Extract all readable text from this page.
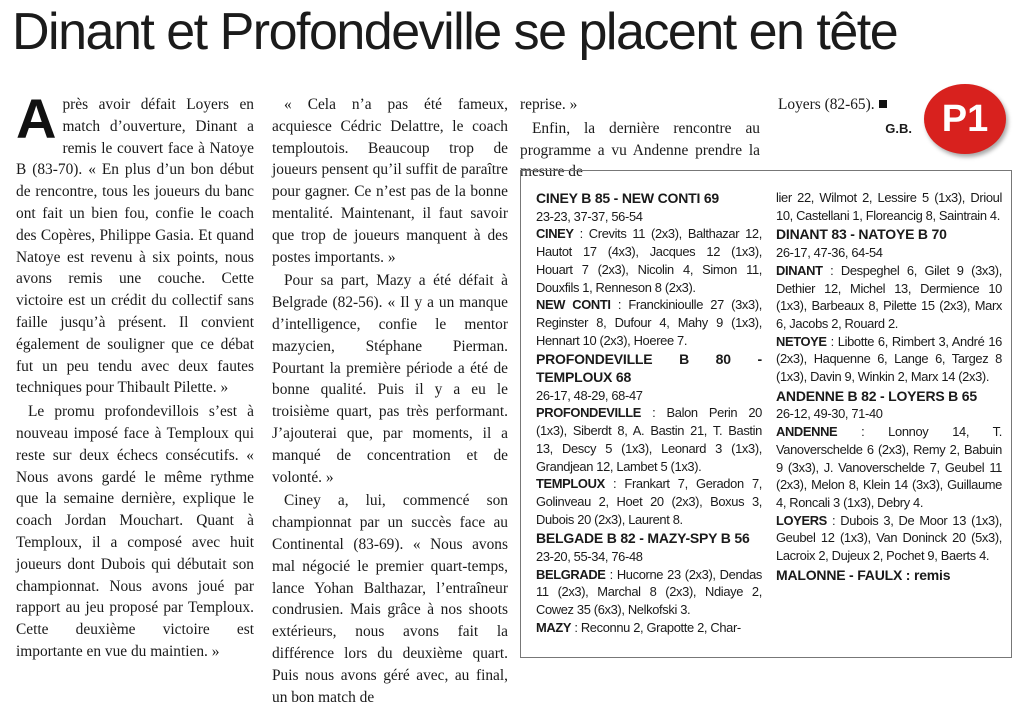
Dinant et Profondeville se placent en tête

Après avoir défait Loyers en match d’ouverture, Dinant a remis le couvert face à Natoye B (83-70). « En plus d’un bon début de rencontre, tous les joueurs du banc ont fait un bien fou, confie le coach des Copères, Philippe Gasia. Et quand Natoye est revenu à six points, nous avons remis une couche. Cette victoire est un crédit du collectif sans faille jusqu’à présent. Il convient également de souligner que ce débat fut un peu tendu avec deux fautes techniques pour Thibault Pilette. »

Le promu profondevillois s’est à nouveau imposé face à Temploux qui reste sur deux échecs consécutifs. « Nous avons gardé le même rythme que la semaine dernière, explique le coach Jordan Mouchart. Quant à Temploux, il a composé avec huit joueurs dont Dubois qui débutait son championnat. Nous avons joué par rapport au jeu proposé par Temploux. Cette deuxième victoire est importante en vue du maintien. »

« Cela n’a pas été fameux, acquiesce Cédric Delattre, le coach temploutois. Beaucoup trop de joueurs pensent qu’il suffit de paraître pour gagner. Ce n’est pas de la bonne mentalité. Maintenant, il faut savoir que trop de joueurs manquent à des postes importants. »

Pour sa part, Mazy a été défait à Belgrade (82-56). « Il y a un manque d’intelligence, confie le mentor mazycien, Stéphane Pierman. Pourtant la première période a été de bonne qualité. Puis il y a eu le troisième quart, pas très performant. J’ajouterai que, par moments, il a manqué de concentration et de volonté. »

Ciney a, lui, commencé son championnat par un succès face au Continental (83-69). « Nous avons mal négocié le premier quart-temps, lance Yohan Balthazar, l’entraîneur condrusien. Mais grâce à nos shoots extérieurs, nous avons fait la différence lors du deuxième quart. Puis nous avons géré avec, au final, un bon match de

reprise. »

Enfin, la dernière rencontre au programme a vu Andenne prendre la mesure de

Loyers (82-65).

G.B. P1
CINEY B 85 - NEW CONTI 69
23-23, 37-37, 56-54
CINEY : Crevits 11 (2x3), Balthazar 12, Hautot 17 (4x3), Jacques 12 (1x3), Houart 7 (2x3), Nicolin 4, Simon 11, Douxfils 1, Renneson 8 (2x3).
NEW CONTI : Franckinioulle 27 (3x3), Reginster 8, Dufour 4, Mahy 9 (1x3), Hennart 10 (2x3), Hoeree 7.
PROFONDEVILLE B 80 - TEMPLOUX 68
26-17, 48-29, 68-47
PROFONDEVILLE : Balon Perin 20 (1x3), Siberdt 8, A. Bastin 21, T. Bastin 13, Descy 5 (1x3), Leonard 3 (1x3), Grandjean 12, Lambet 5 (1x3).
TEMPLOUX : Frankart 7, Geradon 7, Golinveau 2, Hoet 20 (2x3), Boxus 3, Dubois 20 (2x3), Laurent 8.
BELGADE B 82 - MAZY-SPY B 56
23-20, 55-34, 76-48
BELGRADE : Hucorne 23 (2x3), Dendas 11 (2x3), Marchal 8 (2x3), Ndiaye 2, Cowez 35 (6x3), Nelkofski 3.
MAZY : Reconnu 2, Grapotte 2, Char-
lier 22, Wilmot 2, Lessire 5 (1x3), Drioul 10, Castellani 1, Floreancig 8, Saintrain 4.
DINANT 83 - NATOYE B 70
26-17, 47-36, 64-54
DINANT : Despeghel 6, Gilet 9 (3x3), Dethier 12, Michel 13, Dermience 10 (1x3), Barbeaux 8, Pilette 15 (2x3), Marx 6, Jacobs 2, Rouard 2.
NETOYE : Libotte 6, Rimbert 3, André 16 (2x3), Haquenne 6, Lange 6, Targez 8 (1x3), Davin 9, Winkin 2, Marx 14 (2x3).
ANDENNE B 82 - LOYERS B 65
26-12, 49-30, 71-40
ANDENNE : Lonnoy 14, T. Vanoverschelde 6 (2x3), Remy 2, Babuin 9 (3x3), J. Vanoverschelde 7, Geubel 11 (2x3), Melon 8, Klein 14 (3x3), Guillaume 4, Roncali 3 (1x3), Debry 4.
LOYERS : Dubois 3, De Moor 13 (1x3), Geubel 12 (1x3), Van Doninck 20 (5x3), Lacroix 2, Dujeux 2, Pochet 9, Baerts 4.
MALONNE - FAULX : remis
